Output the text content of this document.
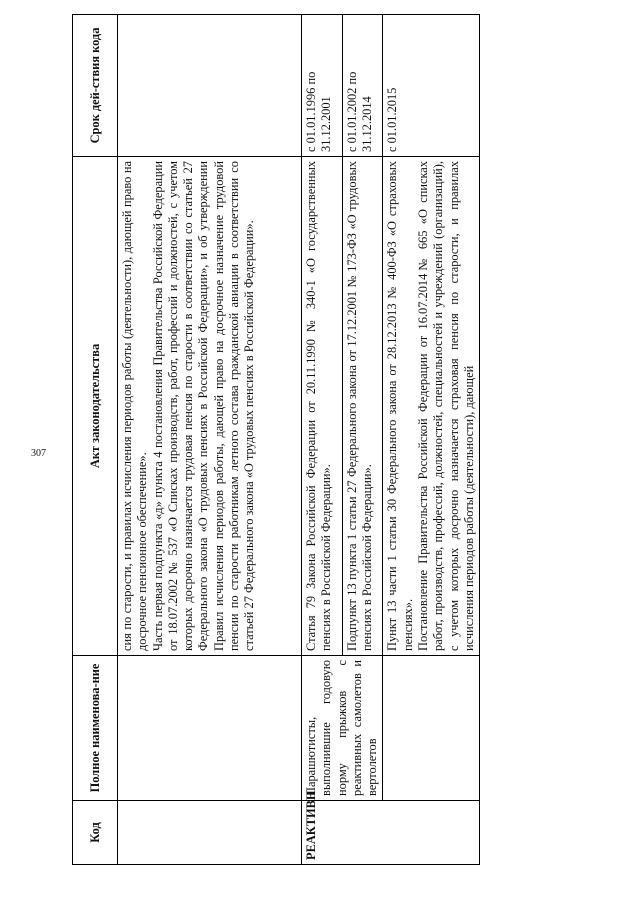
307
Код	Полное наименова-ние	Акт законодательства	Срок дей-ствия кода

		сия по старости, и правилах исчисления периодов работы (деятельности), дающей право на досрочное пенсионное обеспечение». Часть первая подпункта «д» пункта 4 постановления Правительства Российской Федерации от 18.07.2002 № 537 «О Списках производств, работ, профессий и должностей, с учетом которых досрочно назначается трудовая пенсия по старости в соответствии со статьей 27 Федерального закона «О трудовых пенсиях в Российской Федерации», и об утверждении Правил исчисления периодов работы, дающей право на досрочное назначение трудовой пенсии по старости работникам летного состава гражданской авиации в соответствии со статьей 27 Федерального закона «О трудовых пенсиях в Российской Федерации».	

РЕАКТИВН	Парашютисты, выполнившие годовую норму прыжков с реактивных самолетов и вертолетов	Статья 79 Закона Российской Федерации от 20.11.1990 № 340-1 «О государственных пенсиях в Российской Федерации».	с 01.01.1996 по 31.12.2001
		Подпункт 13 пункта 1 статьи 27 Федерального закона от 17.12.2001 № 173-ФЗ «О трудовых пенсиях в Российской Федерации».	с 01.01.2002 по 31.12.2014

		Пункт 13 части 1 статьи 30 Федерального закона от 28.12.2013 № 400-ФЗ «О страховых пенсиях». Постановление Правительства Российской Федерации от 16.07.2014№ 665 «О списках работ, производств, профессий, должностей, специальностей и учреждений (организаций), с учетом которых досрочно назначается страховая пенсия по старости, и правилах исчисления периодов работы (деятельности), дающей	с 01.01.2015
